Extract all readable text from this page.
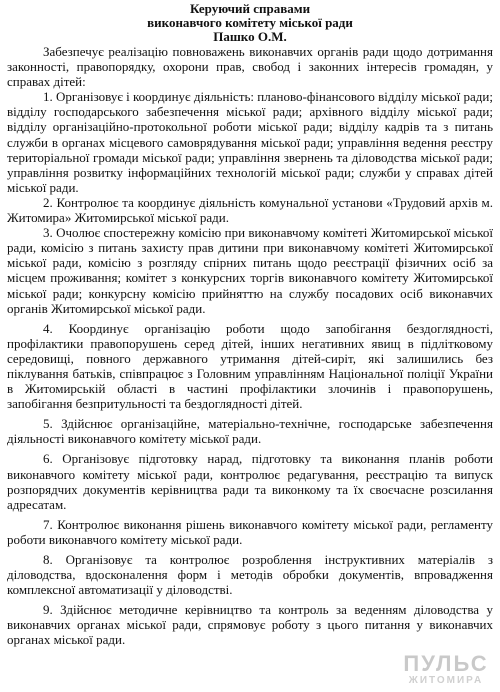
Керуючий справами
виконавчого комітету міської ради
Пашко О.М.

Забезпечує реалізацію повноважень виконавчих органів ради щодо дотримання законності, правопорядку, охорони прав, свобод і законних інтересів громадян, у справах дітей:

1. Організовує і координує діяльність: планово-фінансового відділу міської ради; відділу господарського забезпечення міської ради; архівного відділу міської ради; відділу організаційно-протокольної роботи міської ради; відділу кадрів та з питань служби в органах місцевого самоврядування міської ради; управління ведення реєстру територіальної громади міської ради; управління звернень та діловодства міської ради; управління розвитку інформаційних технологій міської ради; служби у справах дітей міської ради.

2. Контролює та координує діяльність комунальної установи «Трудовий архів м. Житомира» Житомирської міської ради.

3. Очолює спостережну комісію при виконавчому комітеті Житомирської міської ради, комісію з питань захисту прав дитини при виконавчому комітеті Житомирської міської ради, комісію з розгляду спірних питань щодо реєстрації фізичних осіб за місцем проживання; комітет з конкурсних торгів виконавчого комітету Житомирської міської ради; конкурсну комісію прийняттю на службу посадових осіб виконавчих органів Житомирської міської ради.

4. Координує організацію роботи щодо запобігання бездоглядності, профілактики правопорушень серед дітей, інших негативних явищ в підлітковому середовищі, повного державного утримання дітей-сиріт, які залишились без піклування батьків, співпрацює з Головним управлінням Національної поліції України в Житомирській області в частині профілактики злочинів і правопорушень, запобігання безпритульності та бездоглядності дітей.

5. Здійснює організаційне, матеріально-технічне, господарське забезпечення діяльності виконавчого комітету міської ради.

6. Організовує підготовку нарад, підготовку та виконання планів роботи виконавчого комітету міської ради, контролює редагування, реєстрацію та випуск розпорядчих документів керівництва ради та виконкому та їх своєчасне розсилання адресатам.

7. Контролює виконання рішень виконавчого комітету міської ради, регламенту роботи виконавчого комітету міської ради.

8. Організовує та контролює розроблення інструктивних матеріалів з діловодства, вдосконалення форм і методів обробки документів, впровадження комплексної автоматизації у діловодстві.

9. Здійснює методичне керівництво та контроль за веденням діловодства у виконавчих органах міської ради, спрямовує роботу з цього питання у виконавчих органах міської ради.

ПУЛЬС
ЖИТОМИРА
